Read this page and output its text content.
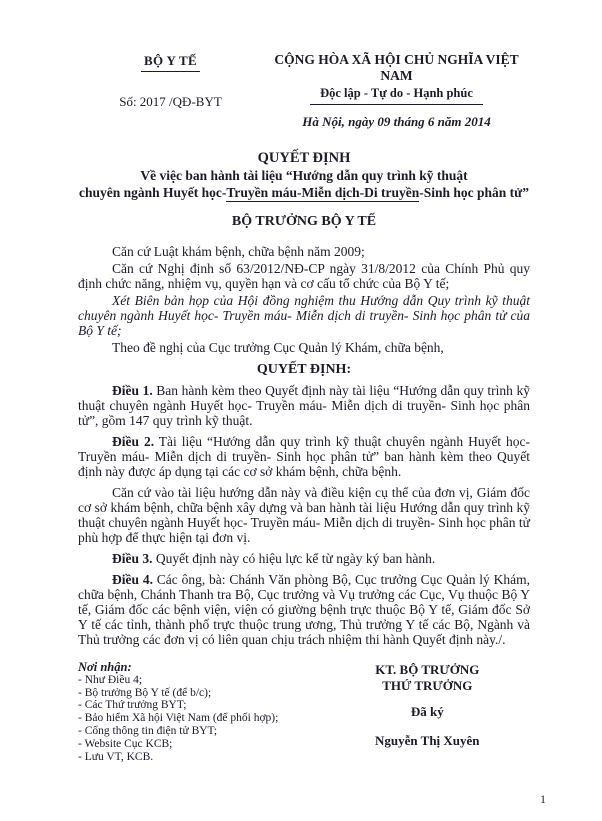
BỘ Y TẾ
Số: 2017 /QĐ-BYT
CỘNG HÒA XÃ HỘI CHỦ NGHĨA VIỆT NAM
Độc lập - Tự do - Hạnh phúc
Hà Nội, ngày 09 tháng 6 năm 2014
QUYẾT ĐỊNH
Về việc ban hành tài liệu “Hướng dẫn quy trình kỹ thuật
chuyên ngành Huyết học-Truyền máu-Miễn dịch-Di truyền-Sinh học phân tử”
BỘ TRƯỞNG BỘ Y TẾ

Căn cứ Luật khám bệnh, chữa bệnh năm 2009;

Căn cứ Nghị định số 63/2012/NĐ-CP ngày 31/8/2012 của Chính Phủ quy định chức năng, nhiệm vụ, quyền hạn và cơ cấu tổ chức của Bộ Y tế;

Xét Biên bản họp của Hội đồng nghiệm thu Hướng dẫn Quy trình kỹ thuật chuyên ngành Huyết học- Truyền máu- Miễn dịch di truyền- Sinh học phân tử của Bộ Y tế;

Theo đề nghị của Cục trưởng Cục Quản lý Khám, chữa bệnh,

QUYẾT ĐỊNH:

Điều 1. Ban hành kèm theo Quyết định này tài liệu “Hướng dẫn quy trình kỹ thuật chuyên ngành Huyết học- Truyền máu- Miễn dịch di truyền- Sinh học phân tử”, gồm 147 quy trình kỹ thuật.

Điều 2. Tài liệu “Hướng dẫn quy trình kỹ thuật chuyên ngành Huyết học- Truyền máu- Miễn dịch di truyền- Sinh học phân tử” ban hành kèm theo Quyết định này được áp dụng tại các cơ sở khám bệnh, chữa bệnh.

Căn cứ vào tài liệu hướng dẫn này và điều kiện cụ thể của đơn vị, Giám đốc cơ sở khám bệnh, chữa bệnh xây dựng và ban hành tài liệu Hướng dẫn quy trình kỹ thuật chuyên ngành Huyết học- Truyền máu- Miễn dịch di truyền- Sinh học phân tử phù hợp để thực hiện tại đơn vị.

Điều 3. Quyết định này có hiệu lực kể từ ngày ký ban hành.

Điều 4. Các ông, bà: Chánh Văn phòng Bộ, Cục trưởng Cục Quản lý Khám, chữa bệnh, Chánh Thanh tra Bộ, Cục trưởng và Vụ trưởng các Cục, Vụ thuộc Bộ Y tế, Giám đốc các bệnh viện, viện có giường bệnh trực thuộc Bộ Y tế, Giám đốc Sở Y tế các tỉnh, thành phố trực thuộc trung ương, Thủ trưởng Y tế các Bộ, Ngành và Thủ trưởng các đơn vị có liên quan chịu trách nhiệm thi hành Quyết định này./.

Nơi nhận:
- Như Điều 4;
- Bộ trưởng Bộ Y tế (để b/c);
- Các Thứ trưởng BYT;
- Bảo hiểm Xã hội Việt Nam (để phối hợp);
- Cổng thông tin điện tử BYT;
- Website Cục KCB;
- Lưu VT, KCB.
KT. BỘ TRƯỞNG
THỨ TRƯỞNG
Đã ký
Nguyễn Thị Xuyên
1
